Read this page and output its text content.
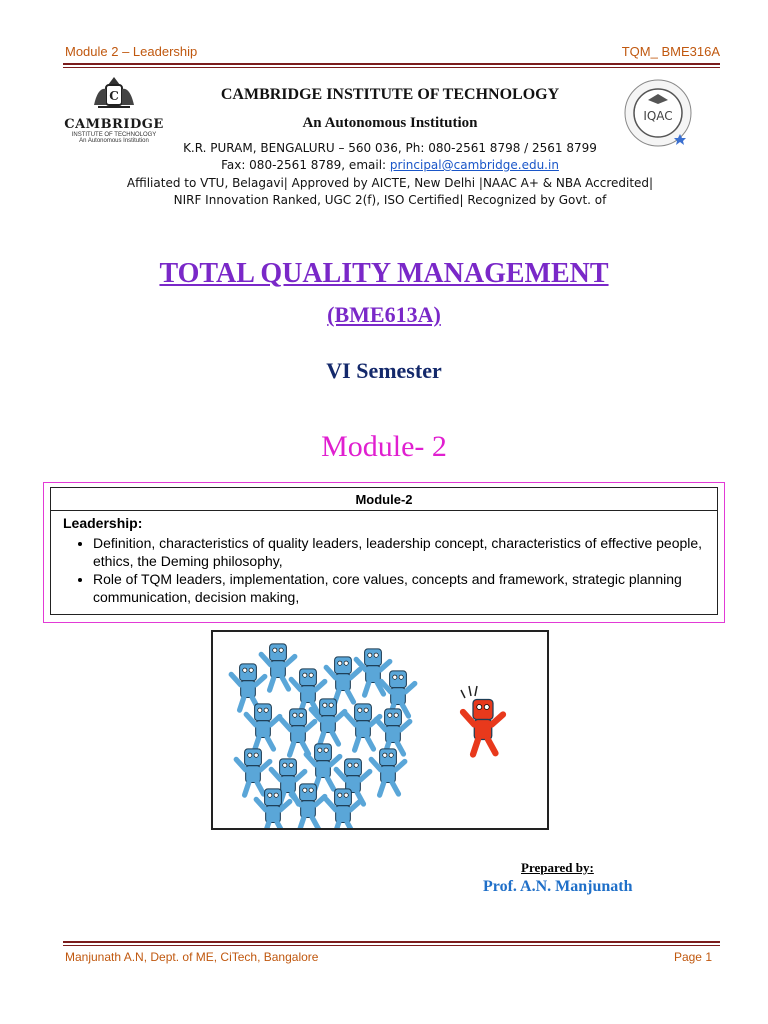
Module 2 – Leadership	TQM_ BME316A
C
CAMBRIDGE
INSTITUTE OF TECHNOLOGY
An Autonomous Institution
IQAC
CAMBRIDGE INSTITUTE OF TECHNOLOGY
An Autonomous Institution
K.R. PURAM, BENGALURU – 560 036, Ph: 080-2561 8798 / 2561 8799
Fax: 080-2561 8789, email: principal@cambridge.edu.in
Affiliated to VTU, Belagavi| Approved by AICTE, New Delhi |NAAC A+ & NBA Accredited|
NIRF Innovation Ranked, UGC 2(f), ISO Certified| Recognized by Govt. of
TOTAL QUALITY MANAGEMENT
(BME613A)
VI Semester
Module- 2
Module-2

Leadership:
• Definition, characteristics of quality leaders, leadership concept, characteristics of effective people, ethics, the Deming philosophy,
• Role of TQM leaders, implementation, core values, concepts and framework, strategic planning communication, decision making,
Prepared by:
Prof. A.N. Manjunath
Manjunath A.N, Dept. of ME, CiTech, Bangalore	Page 1
